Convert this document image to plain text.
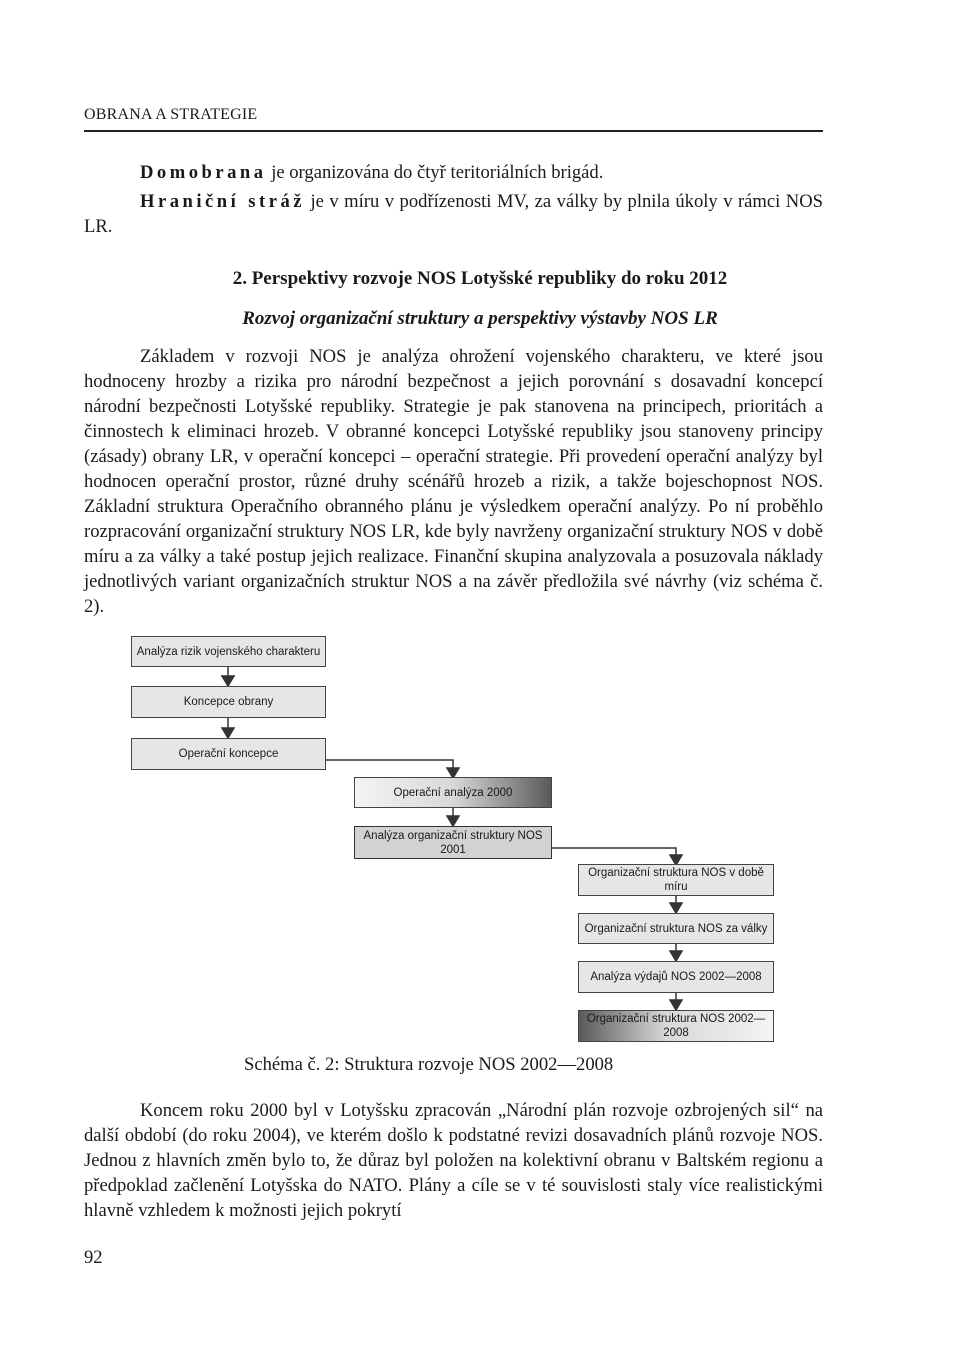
OBRANA A STRATEGIE

Domobrana je organizována do čtyř teritoriálních brigád.

Hraniční stráž je v míru v podřízenosti MV, za války by plnila úkoly v rámci NOS LR.

2. Perspektivy rozvoje NOS Lotyšské republiky do roku 2012
Rozvoj organizační struktury a perspektivy výstavby NOS LR

Základem v rozvoji NOS je analýza ohrožení vojenského charakteru, ve které jsou hodnoceny hrozby a rizika pro národní bezpečnost a jejich porovnání s dosavadní koncepcí národní bezpečnosti Lotyšské republiky. Strategie je pak stanovena na principech, prioritách a činnostech k eliminaci hrozeb. V obranné koncepci Lotyšské republiky jsou stanoveny principy (zásady) obrany LR, v operační koncepci – operační strategie. Při provedení operační analýzy byl hodnocen operační prostor, různé druhy scénářů hrozeb a rizik, a takže bojeschopnost NOS. Základní struktura Operačního obranného plánu je výsledkem operační analýzy. Po ní proběhlo rozpracování organizační struktury NOS LR, kde byly navrženy organizační struktury NOS v době míru a za války a také postup jejich realizace. Finanční skupina analyzovala a posuzovala náklady jednotlivých variant organizačních struktur NOS a na závěr předložila své návrhy (viz schéma č. 2).

Analýza rizik vojenského charakteru
Koncepce obrany
Operační koncepce
Operační analýza 2000
Analýza organizační struktury NOS 2001
Organizační struktura NOS v době míru
Organizační struktura NOS za války
Analýza výdajů NOS 2002—2008
Organizační struktura NOS 2002—2008
Schéma č. 2: Struktura rozvoje NOS 2002—2008

Koncem roku 2000 byl v Lotyšsku zpracován „Národní plán rozvoje ozbrojených sil“ na další období (do roku 2004), ve kterém došlo k podstatné revizi dosavadních plánů rozvoje NOS. Jednou z hlavních změn bylo to, že důraz byl položen na kolektivní obranu v Baltském regionu a předpoklad začlenění Lotyšska do NATO. Plány a cíle se v té souvislosti staly více realistickými hlavně vzhledem k možnosti jejich pokrytí

92
